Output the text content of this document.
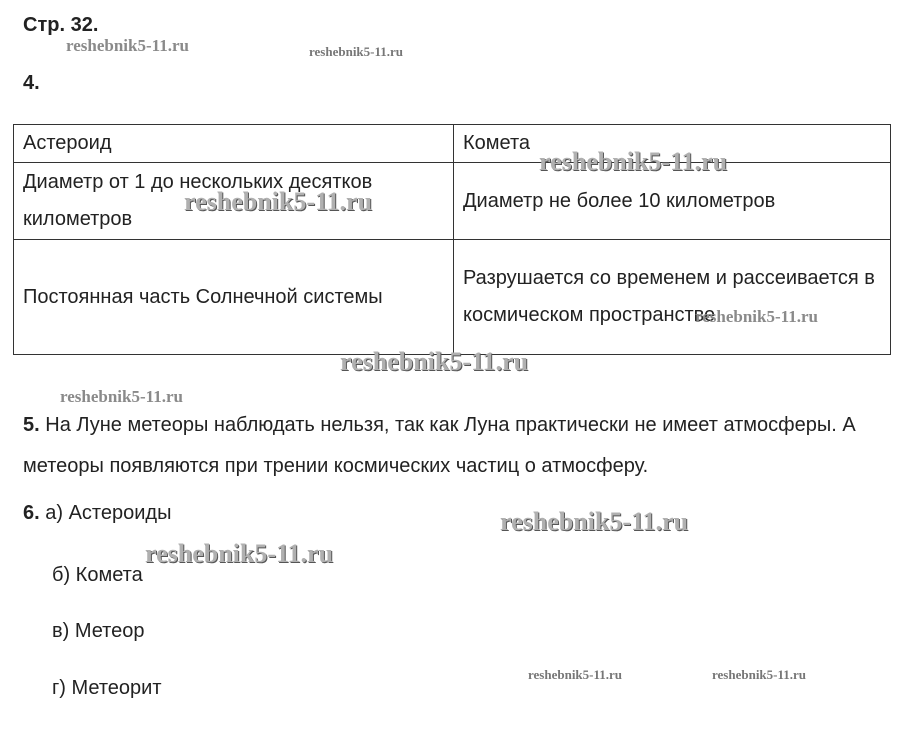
Стр. 32.
4.
Астероид	Комета
Диаметр от 1 до нескольких десятков километров	Диаметр не более 10 километров
Постоянная часть Солнечной системы	Разрушается со временем и рассеивается в космическом пространстве
5. На Луне метеоры наблюдать нельзя, так как Луна практически не имеет атмосферы. А метеоры появляются при трении космических частиц о атмосферу.
6. а) Астероиды
б) Комета
в) Метеор
г) Метеорит
reshebnik5-11.ru	reshebnik5-11.ru
reshebnik5-11.ru
reshebnik5-11.ru
reshebnik5-11.ru
reshebnik5-11.ru
reshebnik5-11.ru
reshebnik5-11.ru
reshebnik5-11.ru
reshebnik5-11.ru	reshebnik5-11.ru
